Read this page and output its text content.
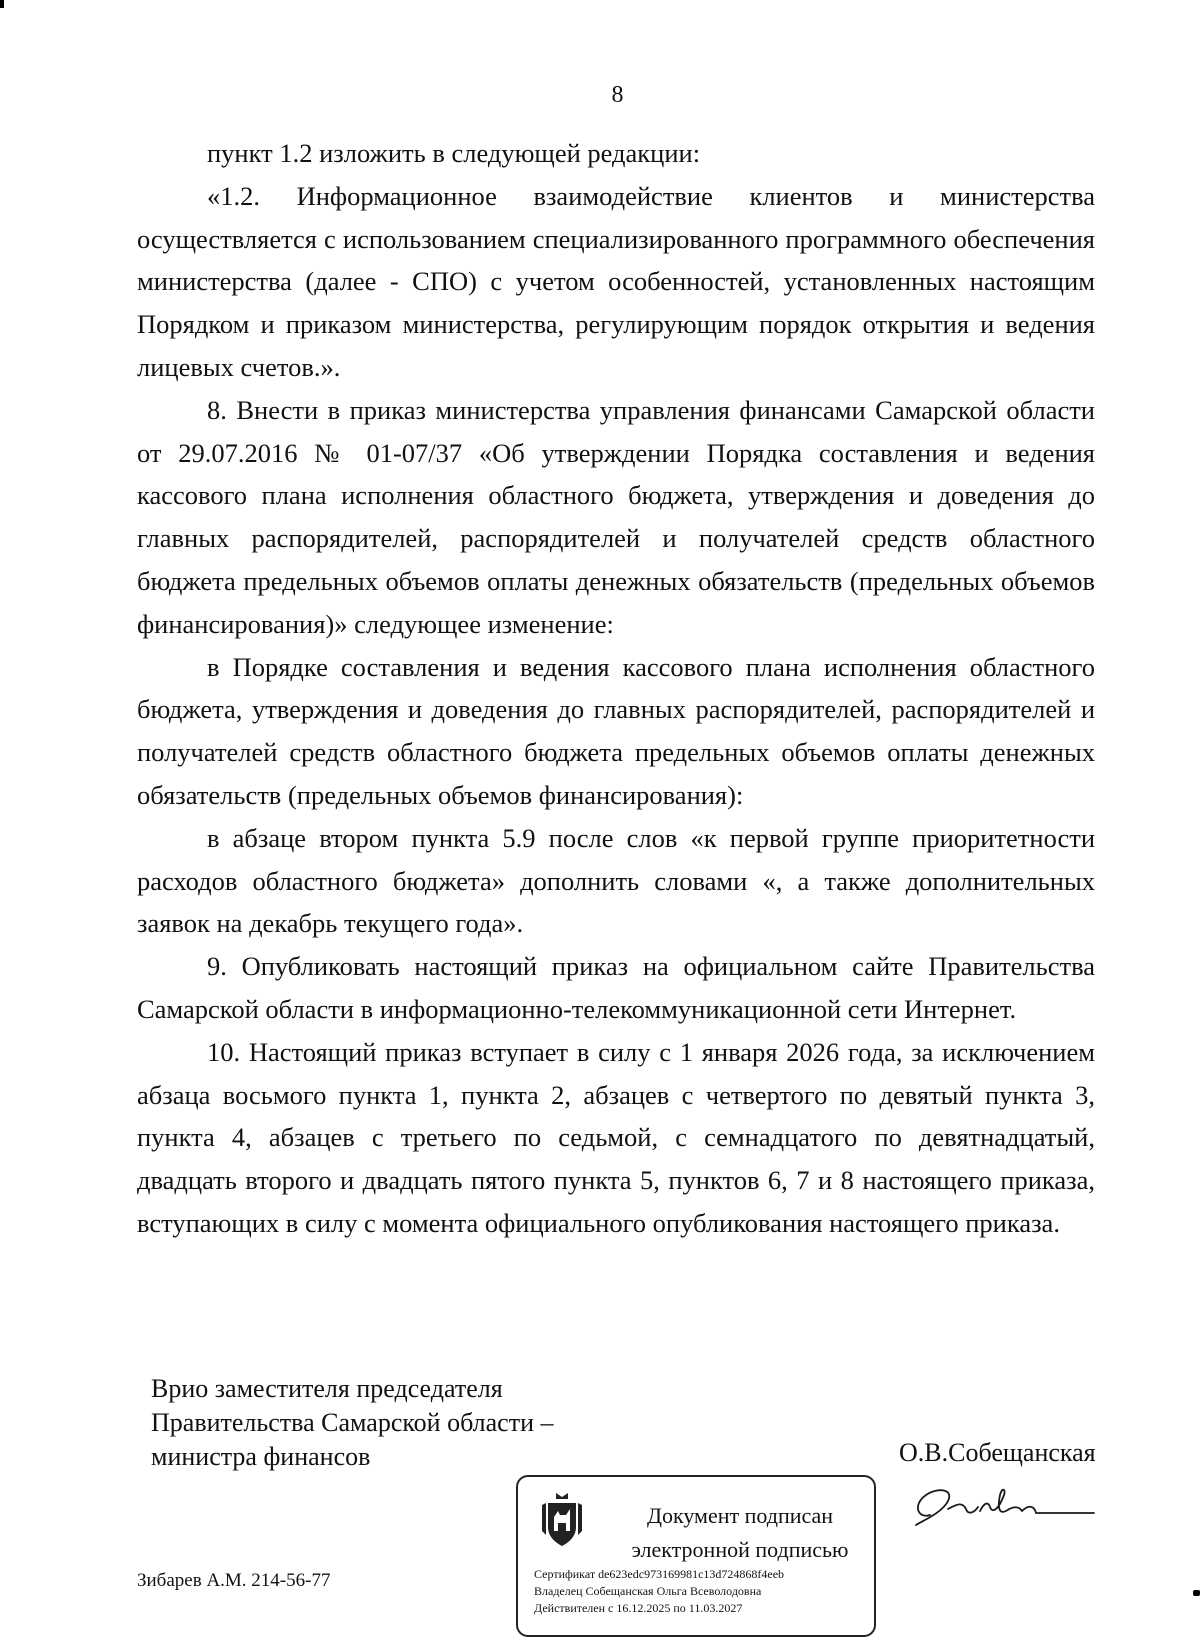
8

пункт 1.2 изложить в следующей редакции:

«1.2. Информационное взаимодействие клиентов и министерства осуществляется с использованием специализированного программного обеспечения министерства (далее - СПО) с учетом особенностей, установленных настоящим Порядком и приказом министерства, регулирующим порядок открытия и ведения лицевых счетов.».

8. Внести в приказ министерства управления финансами Самарской области от 29.07.2016 № 01-07/37 «Об утверждении Порядка составления и ведения кассового плана исполнения областного бюджета, утверждения и доведения до главных распорядителей, распорядителей и получателей средств областного бюджета предельных объемов оплаты денежных обязательств (предельных объемов финансирования)» следующее изменение:

в Порядке составления и ведения кассового плана исполнения областного бюджета, утверждения и доведения до главных распорядителей, распорядителей и получателей средств областного бюджета предельных объемов оплаты денежных обязательств (предельных объемов финансирования):

в абзаце втором пункта 5.9 после слов «к первой группе приоритетности расходов областного бюджета» дополнить словами «, а также дополнительных заявок на декабрь текущего года».

9. Опубликовать настоящий приказ на официальном сайте Правительства Самарской области в информационно-телекоммуникационной сети Интернет.

10. Настоящий приказ вступает в силу с 1 января 2026 года, за исключением абзаца восьмого пункта 1, пункта 2, абзацев с четвертого по девятый пункта 3, пункта 4, абзацев с третьего по седьмой, с семнадцатого по девятнадцатый, двадцать второго и двадцать пятого пункта 5, пунктов 6, 7 и 8 настоящего приказа, вступающих в силу с момента официального опубликования настоящего приказа.

Врио заместителя председателя
Правительства Самарской области –
министра финансов	О.В.Собещанская
Документ подписан
электронной подписью
Сертификат de623edc973169981c13d724868f4eeb
Владелец Собещанская Ольга Всеволодовна
Действителен с 16.12.2025 по 11.03.2027
Зибарев А.М. 214-56-77
